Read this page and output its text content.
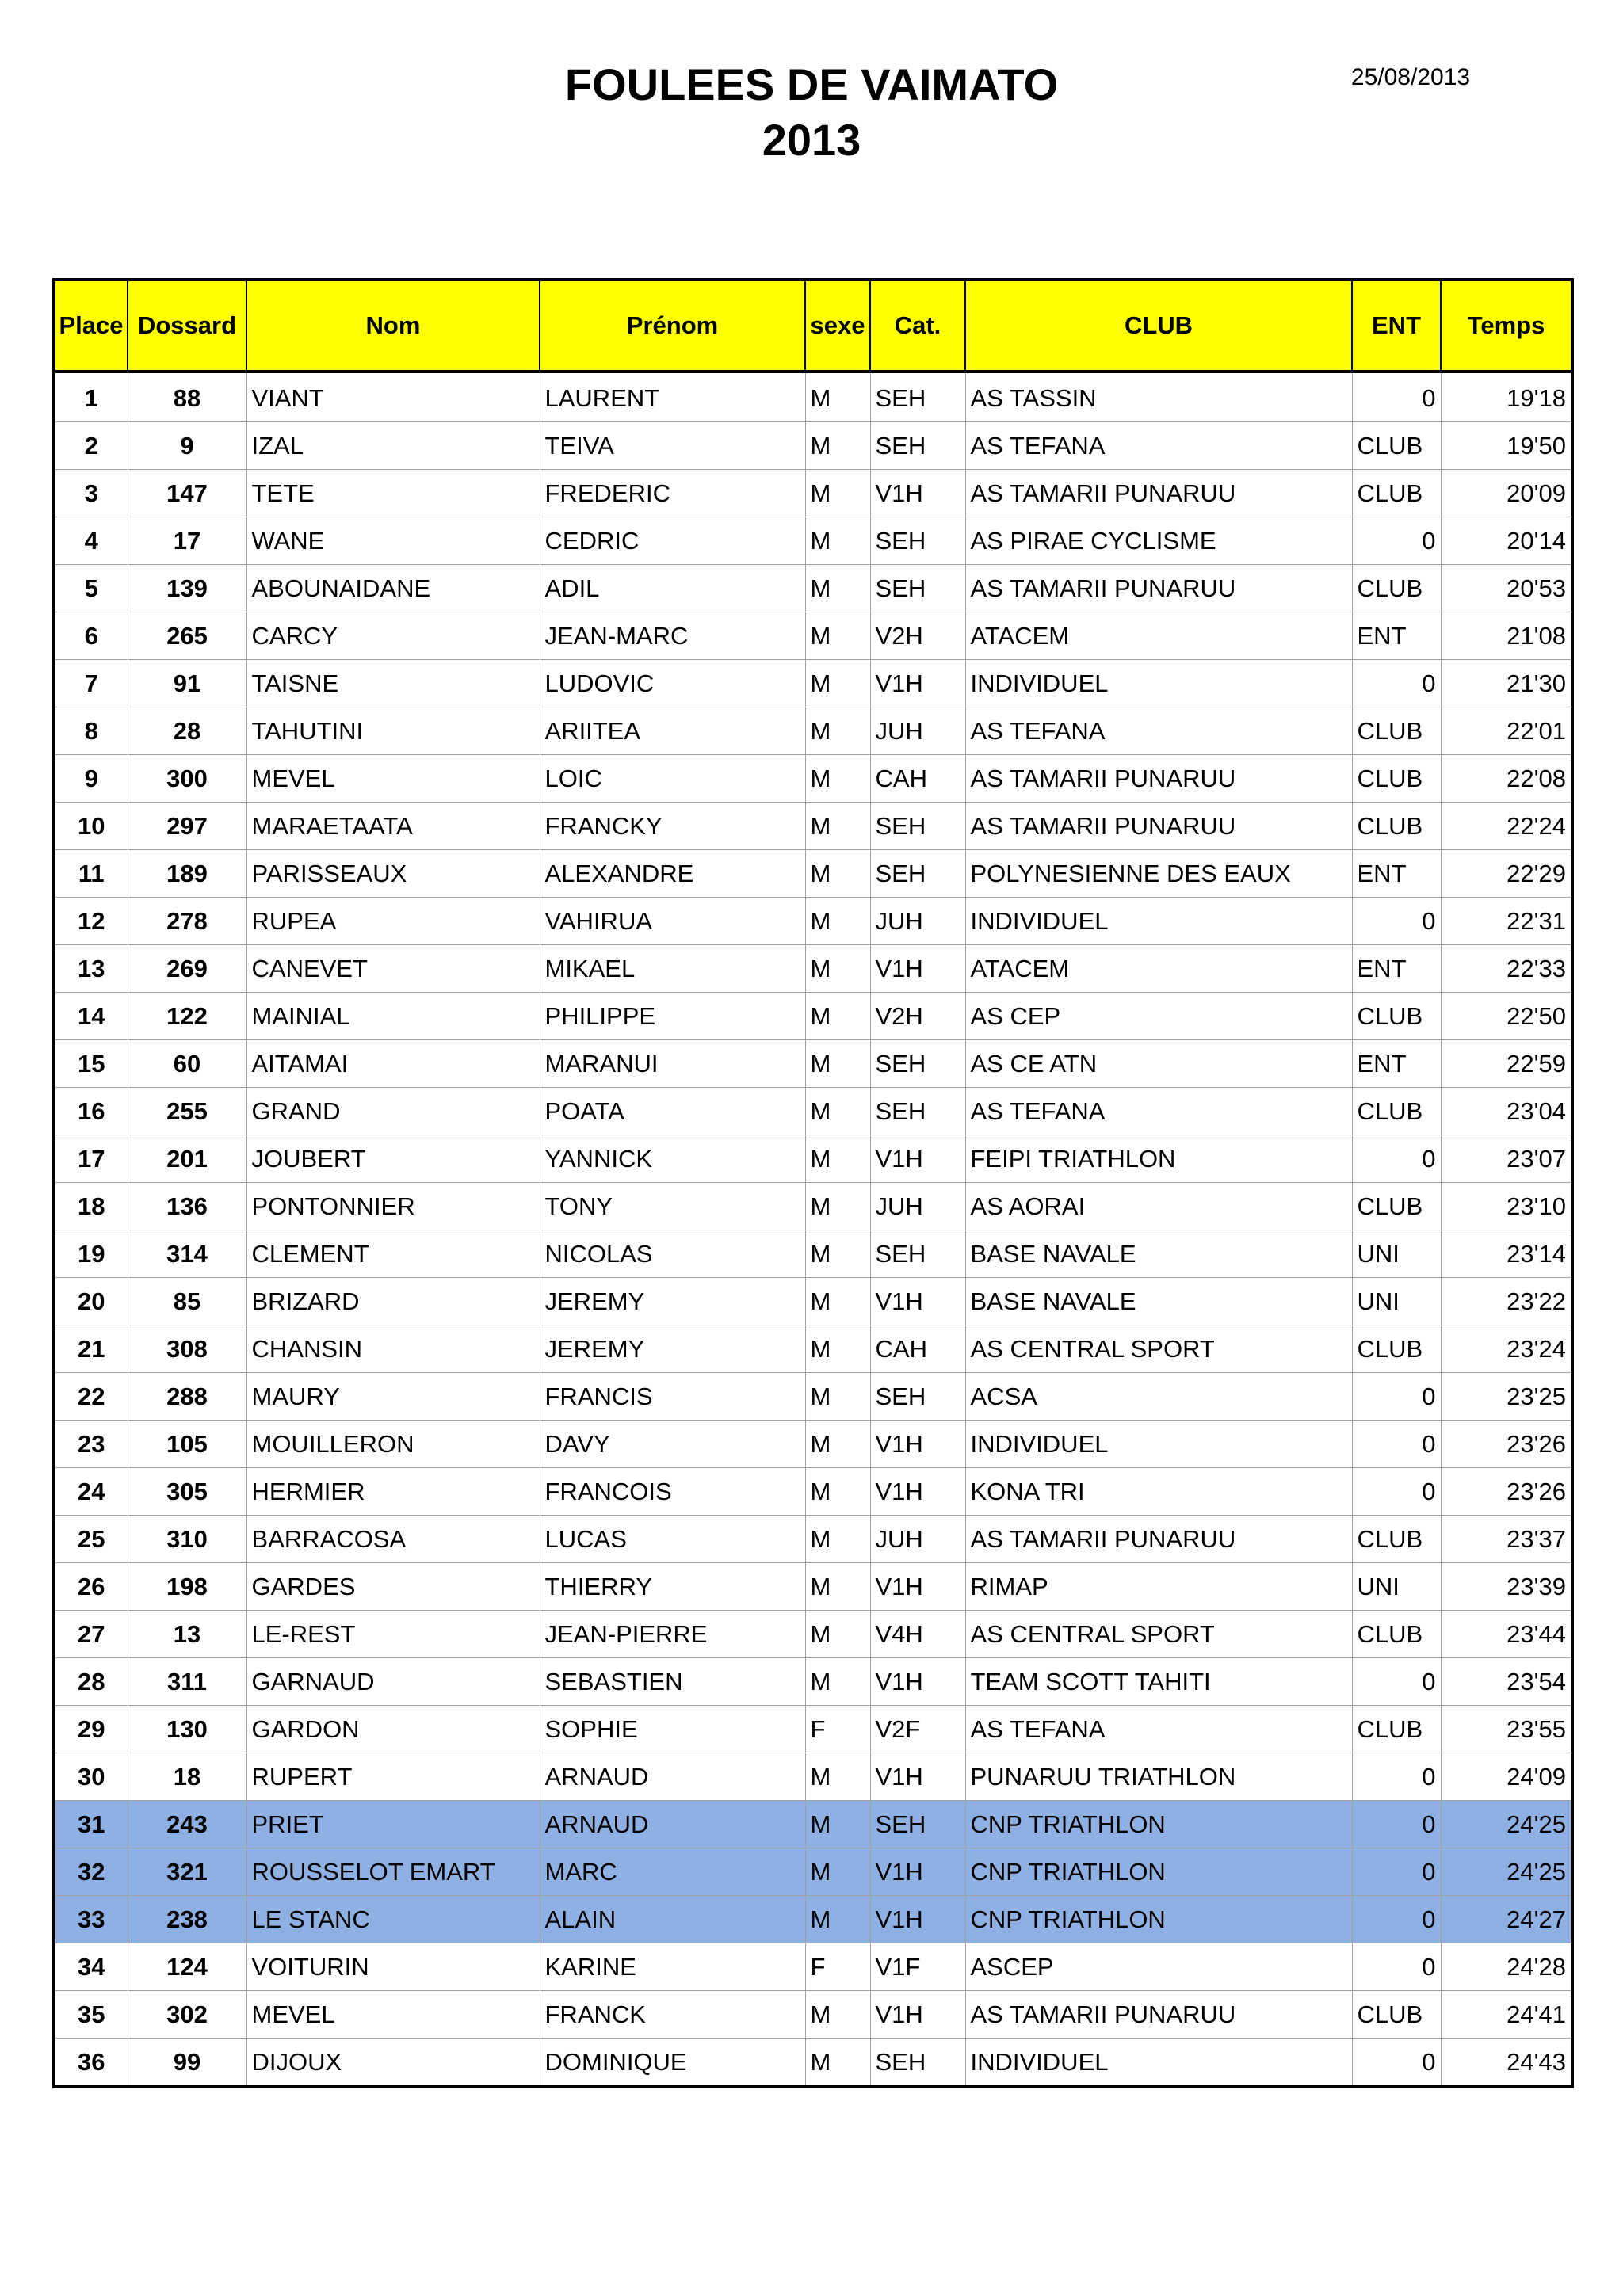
FOULEES DE VAIMATO
2013
25/08/2013
Place	Dossard	Nom	Prénom	sexe	Cat.	CLUB	ENT	Temps
1	88	VIANT	LAURENT	M	SEH	AS TASSIN	0	19'18
2	9	IZAL	TEIVA	M	SEH	AS TEFANA	CLUB	19'50
3	147	TETE	FREDERIC	M	V1H	AS TAMARII PUNARUU	CLUB	20'09
4	17	WANE	CEDRIC	M	SEH	AS PIRAE CYCLISME	0	20'14
5	139	ABOUNAIDANE	ADIL	M	SEH	AS TAMARII PUNARUU	CLUB	20'53
6	265	CARCY	JEAN-MARC	M	V2H	ATACEM	ENT	21'08
7	91	TAISNE	LUDOVIC	M	V1H	INDIVIDUEL	0	21'30
8	28	TAHUTINI	ARIITEA	M	JUH	AS TEFANA	CLUB	22'01
9	300	MEVEL	LOIC	M	CAH	AS TAMARII PUNARUU	CLUB	22'08
10	297	MARAETAATA	FRANCKY	M	SEH	AS TAMARII PUNARUU	CLUB	22'24
11	189	PARISSEAUX	ALEXANDRE	M	SEH	POLYNESIENNE DES EAUX	ENT	22'29
12	278	RUPEA	VAHIRUA	M	JUH	INDIVIDUEL	0	22'31
13	269	CANEVET	MIKAEL	M	V1H	ATACEM	ENT	22'33
14	122	MAINIAL	PHILIPPE	M	V2H	AS CEP	CLUB	22'50
15	60	AITAMAI	MARANUI	M	SEH	AS CE ATN	ENT	22'59
16	255	GRAND	POATA	M	SEH	AS TEFANA	CLUB	23'04
17	201	JOUBERT	YANNICK	M	V1H	FEIPI TRIATHLON	0	23'07
18	136	PONTONNIER	TONY	M	JUH	AS AORAI	CLUB	23'10
19	314	CLEMENT	NICOLAS	M	SEH	BASE NAVALE	UNI	23'14
20	85	BRIZARD	JEREMY	M	V1H	BASE NAVALE	UNI	23'22
21	308	CHANSIN	JEREMY	M	CAH	AS CENTRAL SPORT	CLUB	23'24
22	288	MAURY	FRANCIS	M	SEH	ACSA	0	23'25
23	105	MOUILLERON	DAVY	M	V1H	INDIVIDUEL	0	23'26
24	305	HERMIER	FRANCOIS	M	V1H	KONA TRI	0	23'26
25	310	BARRACOSA	LUCAS	M	JUH	AS TAMARII PUNARUU	CLUB	23'37
26	198	GARDES	THIERRY	M	V1H	RIMAP	UNI	23'39
27	13	LE-REST	JEAN-PIERRE	M	V4H	AS CENTRAL SPORT	CLUB	23'44
28	311	GARNAUD	SEBASTIEN	M	V1H	TEAM SCOTT TAHITI	0	23'54
29	130	GARDON	SOPHIE	F	V2F	AS TEFANA	CLUB	23'55
30	18	RUPERT	ARNAUD	M	V1H	PUNARUU TRIATHLON	0	24'09
31	243	PRIET	ARNAUD	M	SEH	CNP TRIATHLON	0	24'25
32	321	ROUSSELOT EMART	MARC	M	V1H	CNP TRIATHLON	0	24'25
33	238	LE STANC	ALAIN	M	V1H	CNP TRIATHLON	0	24'27
34	124	VOITURIN	KARINE	F	V1F	ASCEP	0	24'28
35	302	MEVEL	FRANCK	M	V1H	AS TAMARII PUNARUU	CLUB	24'41
36	99	DIJOUX	DOMINIQUE	M	SEH	INDIVIDUEL	0	24'43
